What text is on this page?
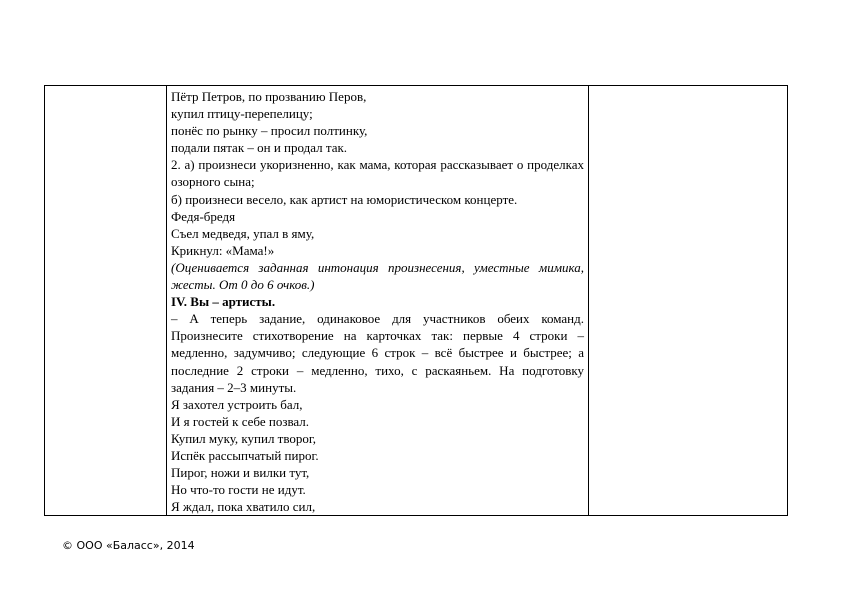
Пётр Петров, по прозванию Перов,
купил птицу-перепелицу;
понёс по рынку – просил полтинку,
подали пятак – он и продал так.
2. а) произнеси укоризненно, как мама, которая рассказывает о проделках озорного сына;
б) произнеси весело, как артист на юмористическом концерте.
Федя-бредя
Съел медведя, упал в яму,
Крикнул: «Мама!»
(Оценивается заданная интонация произнесения, уместные мимика, жесты. От 0 до 6 очков.)
IV. Вы – артисты.
– А теперь задание, одинаковое для участников обеих команд. Произнесите стихотворение на карточках так: первые 4 строки – медленно, задумчиво; следующие 6 строк – всё быстрее и быстрее; а последние 2 строки – медленно, тихо, с раскаяньем. На подготовку задания – 2–3 минуты.
Я захотел устроить бал,
И я гостей к себе позвал.
Купил муку, купил творог,
Испёк рассыпчатый пирог.
Пирог, ножи и вилки тут,
Но что-то гости не идут.
Я ждал, пока хватило сил,

© ООО «Баласс», 2014
